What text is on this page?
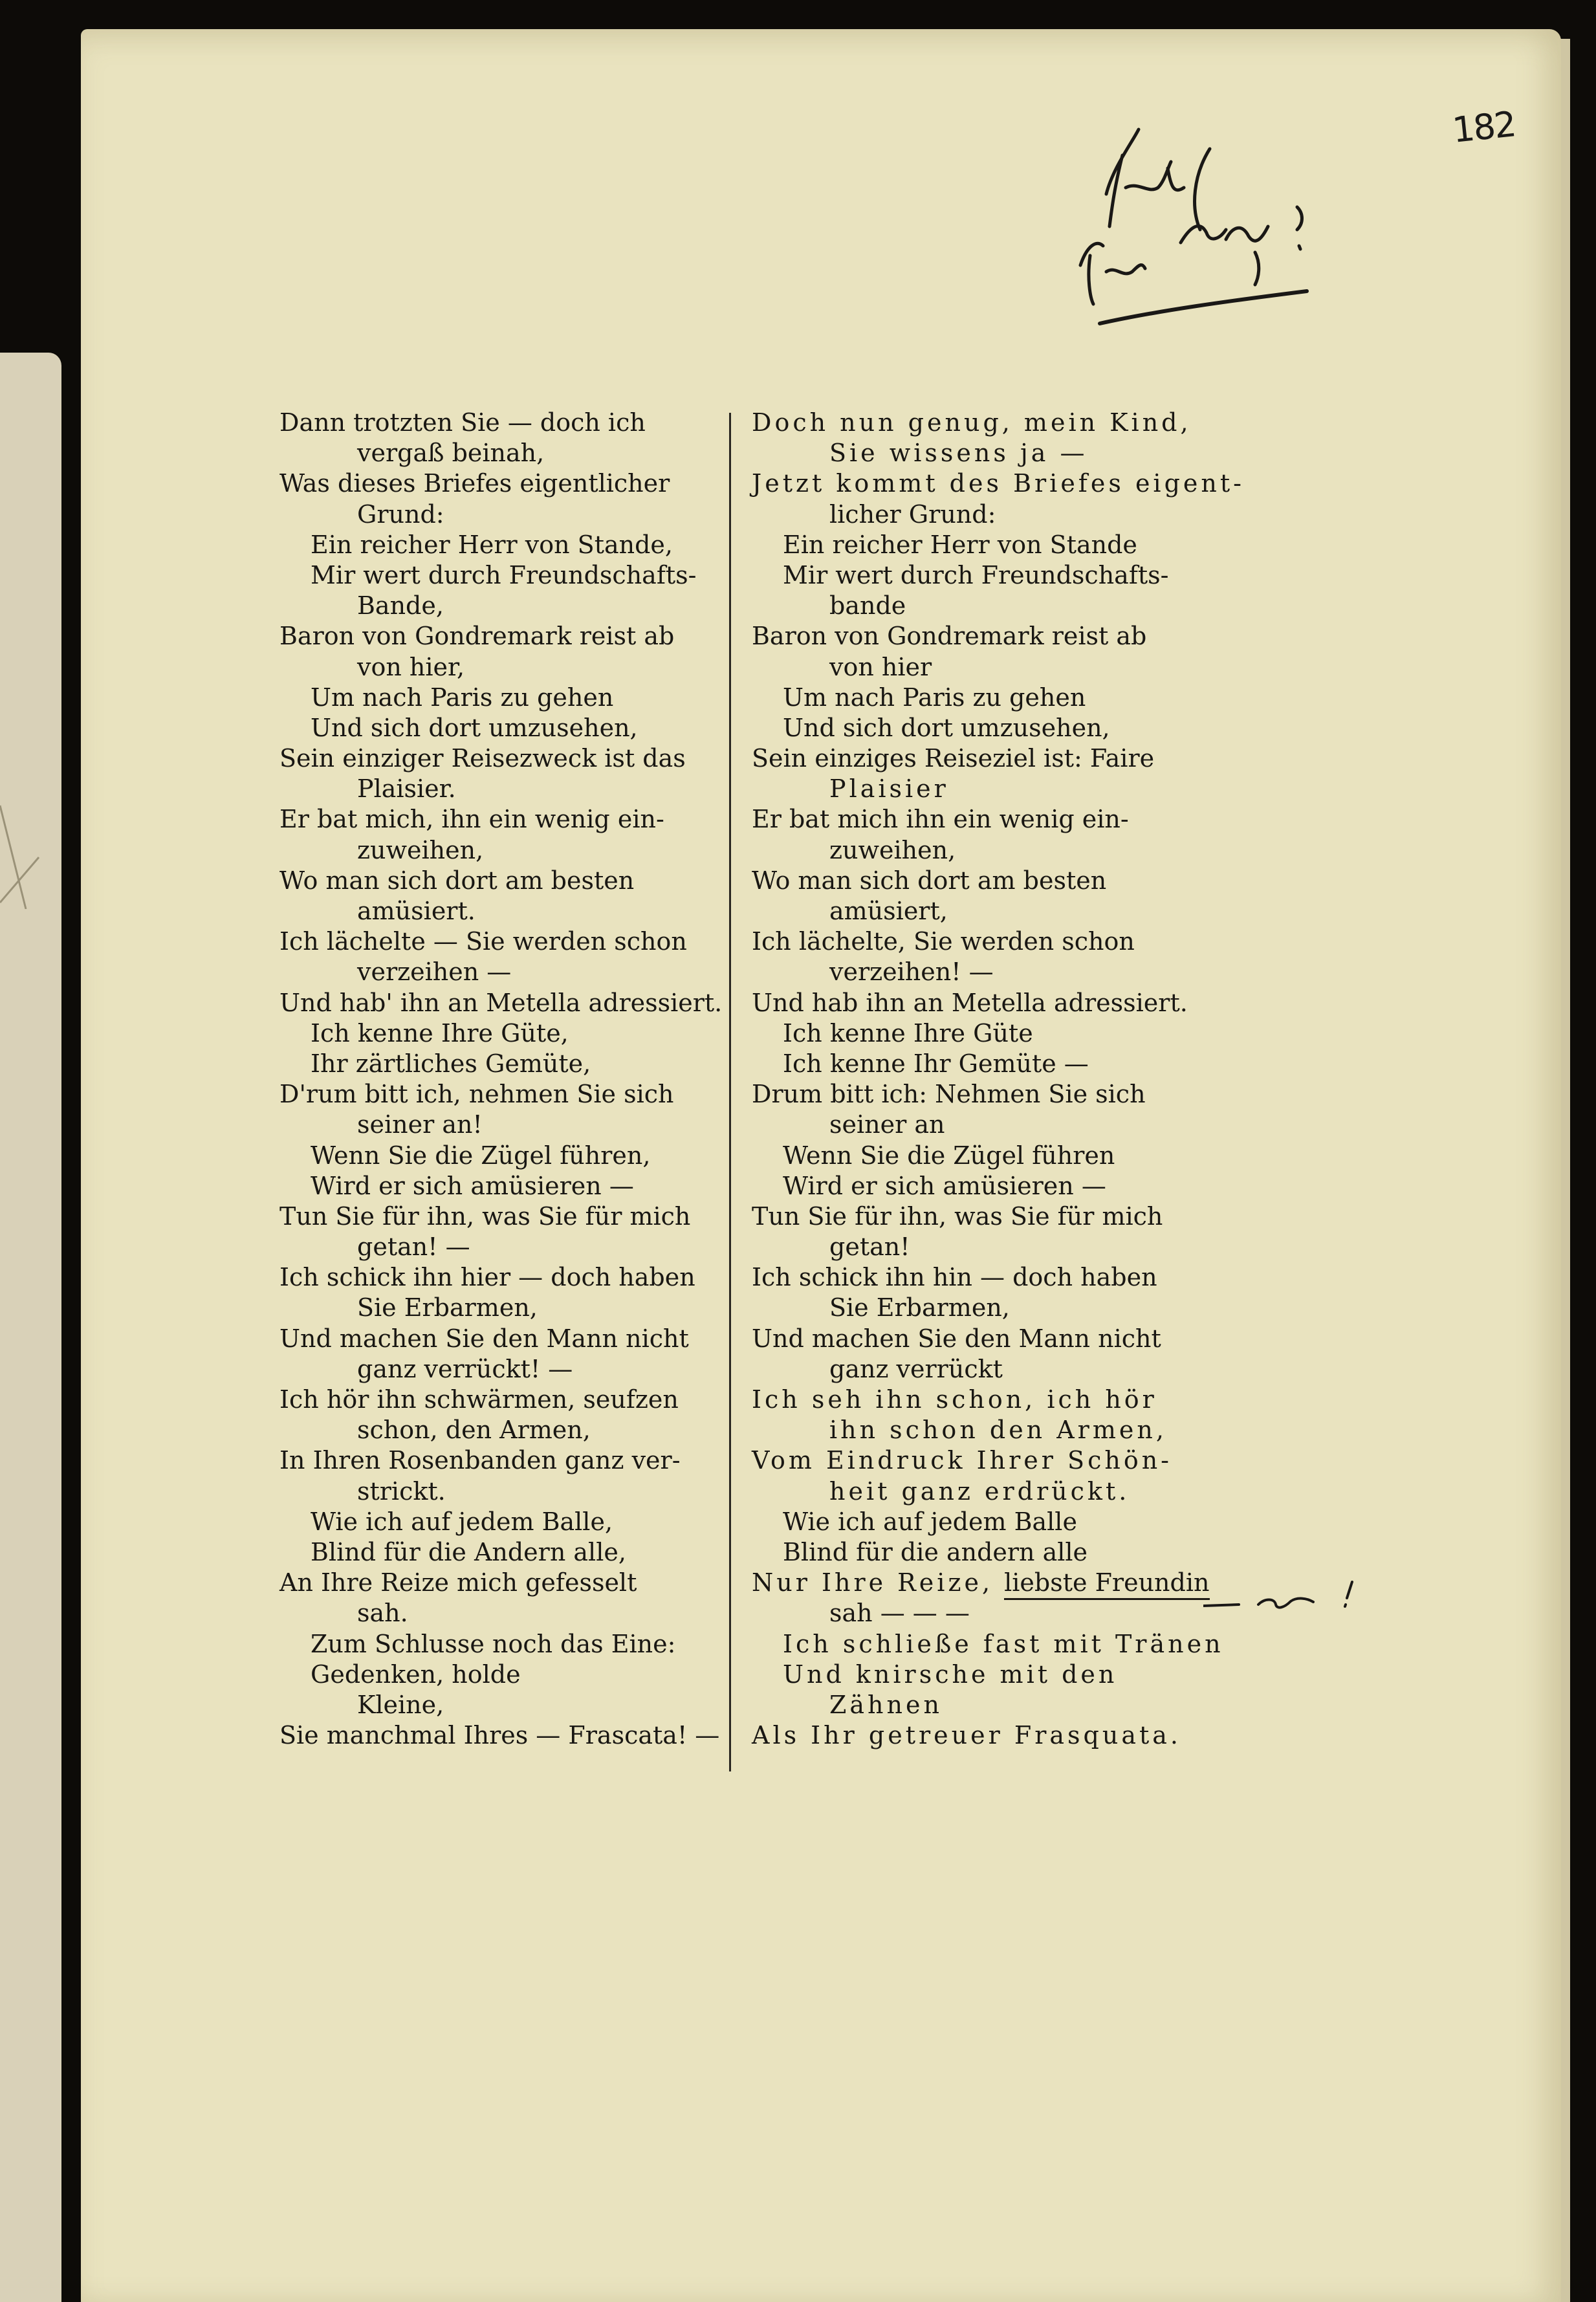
182
Dann trotzten Sie — doch ich
vergaß beinah,
Was dieses Briefes eigentlicher
Grund:
Ein reicher Herr von Stande,
Mir wert durch Freundschafts-
Bande,
Baron von Gondremark reist ab
von hier,
Um nach Paris zu gehen
Und sich dort umzusehen,
Sein einziger Reisezweck ist das
Plaisier.
Er bat mich, ihn ein wenig ein-
zuweihen,
Wo man sich dort am besten
amüsiert.
Ich lächelte — Sie werden schon
verzeihen —
Und hab' ihn an Metella adressiert.
Ich kenne Ihre Güte,
Ihr zärtliches Gemüte,
D'rum bitt ich, nehmen Sie sich
seiner an!
Wenn Sie die Zügel führen,
Wird er sich amüsieren —
Tun Sie für ihn, was Sie für mich
getan! —
Ich schick ihn hier — doch haben
Sie Erbarmen,
Und machen Sie den Mann nicht
ganz verrückt! —
Ich hör ihn schwärmen, seufzen
schon, den Armen,
In Ihren Rosenbanden ganz ver-
strickt.
Wie ich auf jedem Balle,
Blind für die Andern alle,
An Ihre Reize mich gefesselt
sah.
Zum Schlusse noch das Eine:
Gedenken, holde
Kleine,
Sie manchmal Ihres — Frascata! —
Doch nun genug, mein Kind,
Sie wissens ja —
Jetzt kommt des Briefes eigent-
licher Grund:
Ein reicher Herr von Stande
Mir wert durch Freundschafts-
bande
Baron von Gondremark reist ab
von hier
Um nach Paris zu gehen
Und sich dort umzusehen,
Sein einziges Reiseziel ist: Faire
Plaisier
Er bat mich ihn ein wenig ein-
zuweihen,
Wo man sich dort am besten
amüsiert,
Ich lächelte, Sie werden schon
verzeihen! —
Und hab ihn an Metella adressiert.
Ich kenne Ihre Güte
Ich kenne Ihr Gemüte —
Drum bitt ich: Nehmen Sie sich
seiner an
Wenn Sie die Zügel führen
Wird er sich amüsieren —
Tun Sie für ihn, was Sie für mich
getan!
Ich schick ihn hin — doch haben
Sie Erbarmen,
Und machen Sie den Mann nicht
ganz verrückt
Ich seh ihn schon, ich hör
ihn schon den Armen,
Vom Eindruck Ihrer Schön-
heit ganz erdrückt.
Wie ich auf jedem Balle
Blind für die andern alle
Nur Ihre Reize, liebste Freundin
sah — — —
Ich schließe fast mit Tränen
Und knirsche mit den
Zähnen
Als Ihr getreuer Frasquata.
